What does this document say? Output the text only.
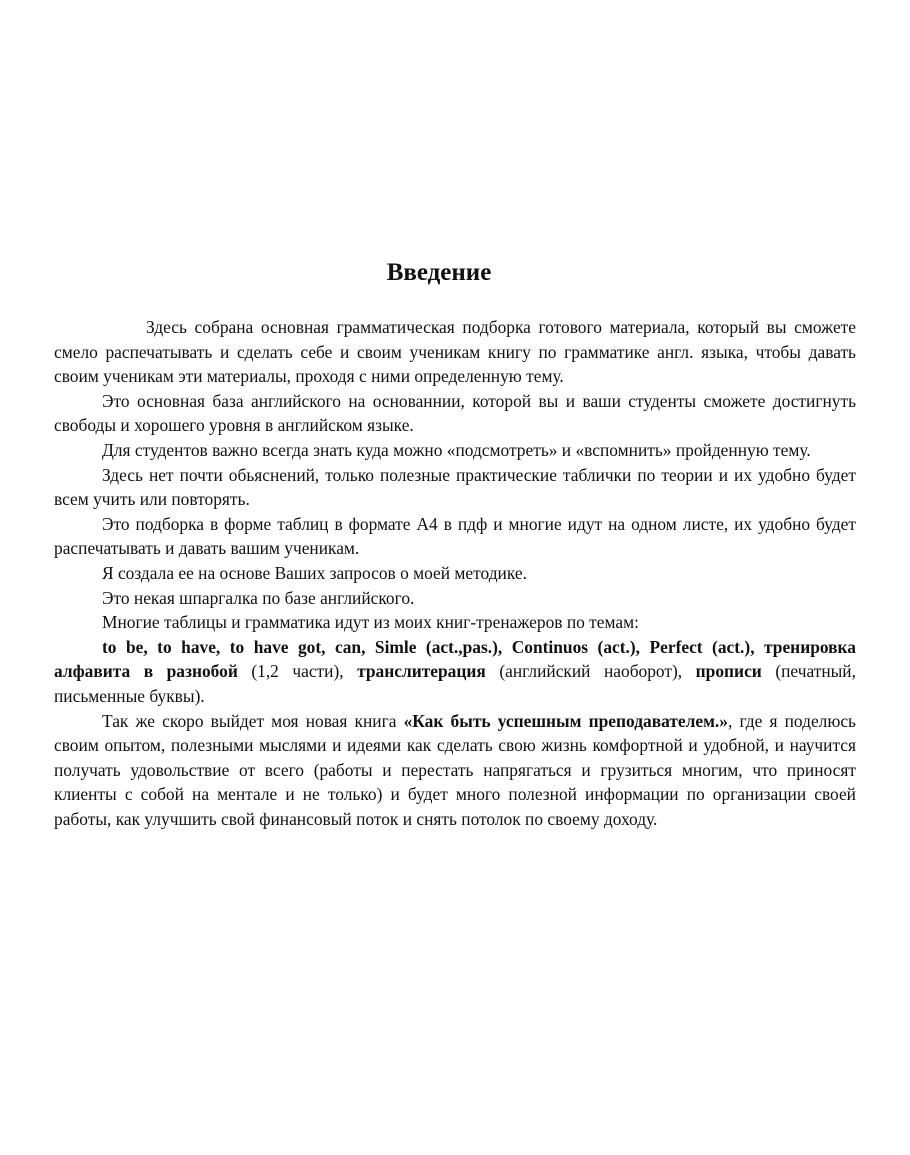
Введение

Здесь собрана основная грамматическая подборка готового материала, который вы сможете смело распечатывать и сделать себе и своим ученикам книгу по грамматике англ. языка, чтобы давать своим ученикам эти материалы, проходя с ними определенную тему.

Это основная база английского на основаннии, которой вы и ваши студенты сможете достигнуть свободы и хорошего уровня в английском языке.

Для студентов важно всегда знать куда можно «подсмотреть» и «вспомнить» пройденную тему.

Здесь нет почти обьяснений, только полезные практические таблички по теории и их удобно будет всем учить или повторять.

Это подборка в форме таблиц в формате А4 в пдф и многие идут на одном листе, их удобно будет распечатывать и давать вашим ученикам.

Я создала ее на основе Ваших запросов о моей методике.

Это некая шпаргалка по базе английского.

Многие таблицы и грамматика идут из моих книг-тренажеров по темам:

to be, to have, to have got, can, Simle (act.,pas.), Continuos (act.), Perfect (act.), тренировка алфавита в разнобой (1,2 части), транслитерация (английский наоборот), прописи (печатный, письменные буквы).

Так же скоро выйдет моя новая книга «Как быть успешным преподавателем.», где я поделюсь своим опытом, полезными мыслями и идеями как сделать свою жизнь комфортной и удобной, и научится получать удовольствие от всего (работы и перестать напрягаться и грузиться многим, что приносят клиенты с собой на ментале и не только) и будет много полезной информации по организации своей работы, как улучшить свой финансовый поток и снять потолок по своему доходу.
